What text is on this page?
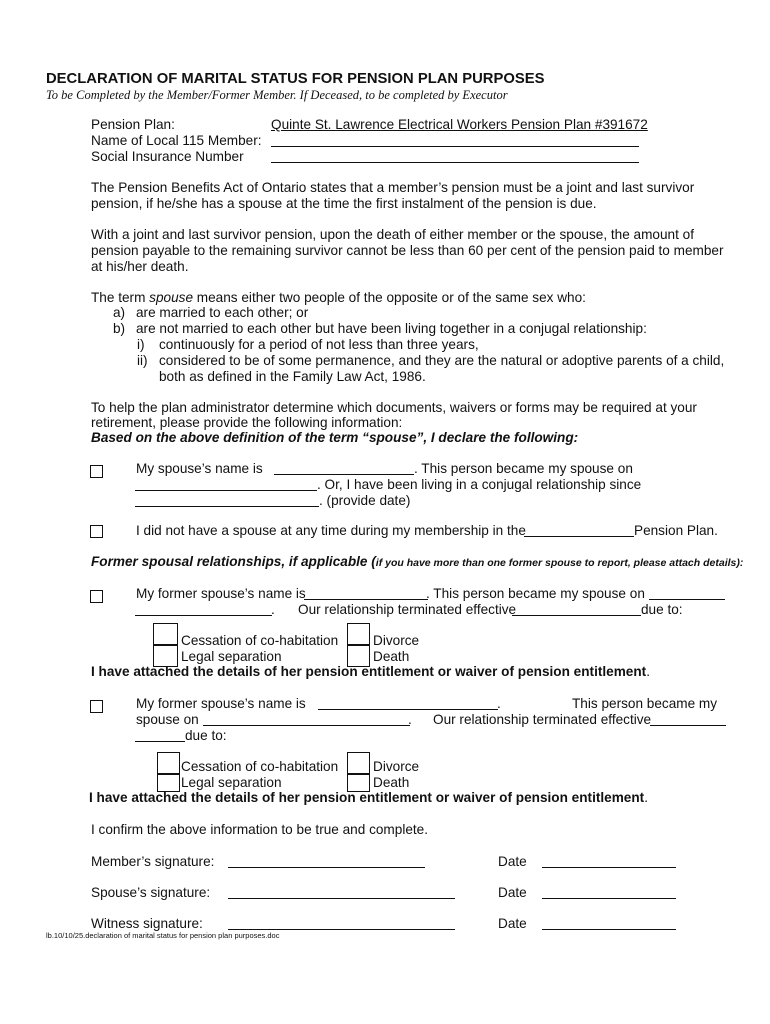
DECLARATION OF MARITAL STATUS FOR PENSION PLAN PURPOSES
To be Completed by the Member/Former Member. If Deceased, to be completed by Executor
Pension Plan:	Quinte St. Lawrence Electrical Workers Pension Plan #391672
Name of Local 115 Member:
Social Insurance Number
The Pension Benefits Act of Ontario states that a member’s pension must be a joint and last survivor pension, if he/she has a spouse at the time the first instalment of the pension is due.
With a joint and last survivor pension, upon the death of either member or the spouse, the amount of pension payable to the remaining survivor cannot be less than 60 per cent of the pension paid to member at his/her death.
The term spouse means either two people of the opposite or of the same sex who:
a) are married to each other; or
b) are not married to each other but have been living together in a conjugal relationship:
i) continuously for a period of not less than three years,
ii) considered to be of some permanence, and they are the natural or adoptive parents of a child,
both as defined in the Family Law Act, 1986.
To help the plan administrator determine which documents, waivers or forms may be required at your
retirement, please provide the following information:
Based on the above definition of the term “spouse”, I declare the following:
My spouse’s name is	. This person became my spouse on
. Or, I have been living in a conjugal relationship since
. (provide date)
I did not have a spouse at any time during my membership in the	Pension Plan.
Former spousal relationships, if applicable (if you have more than one former spouse to report, please attach details):
My former spouse’s name is	. This person became my spouse on
. Our relationship terminated effective	due to:
Cessation of co-habitation
Legal separation
Divorce
Death
I have attached the details of her pension entitlement or waiver of pension entitlement.
My former spouse’s name is	.	This person became my
spouse on	. Our relationship terminated effective
due to:
Cessation of co-habitation
Legal separation
Divorce
Death
I have attached the details of her pension entitlement or waiver of pension entitlement.
I confirm the above information to be true and complete.
Member’s signature:	Date
Spouse’s signature:	Date
Witness signature:	Date
lb.10/10/25.declaration of marital status for pension plan purposes.doc
